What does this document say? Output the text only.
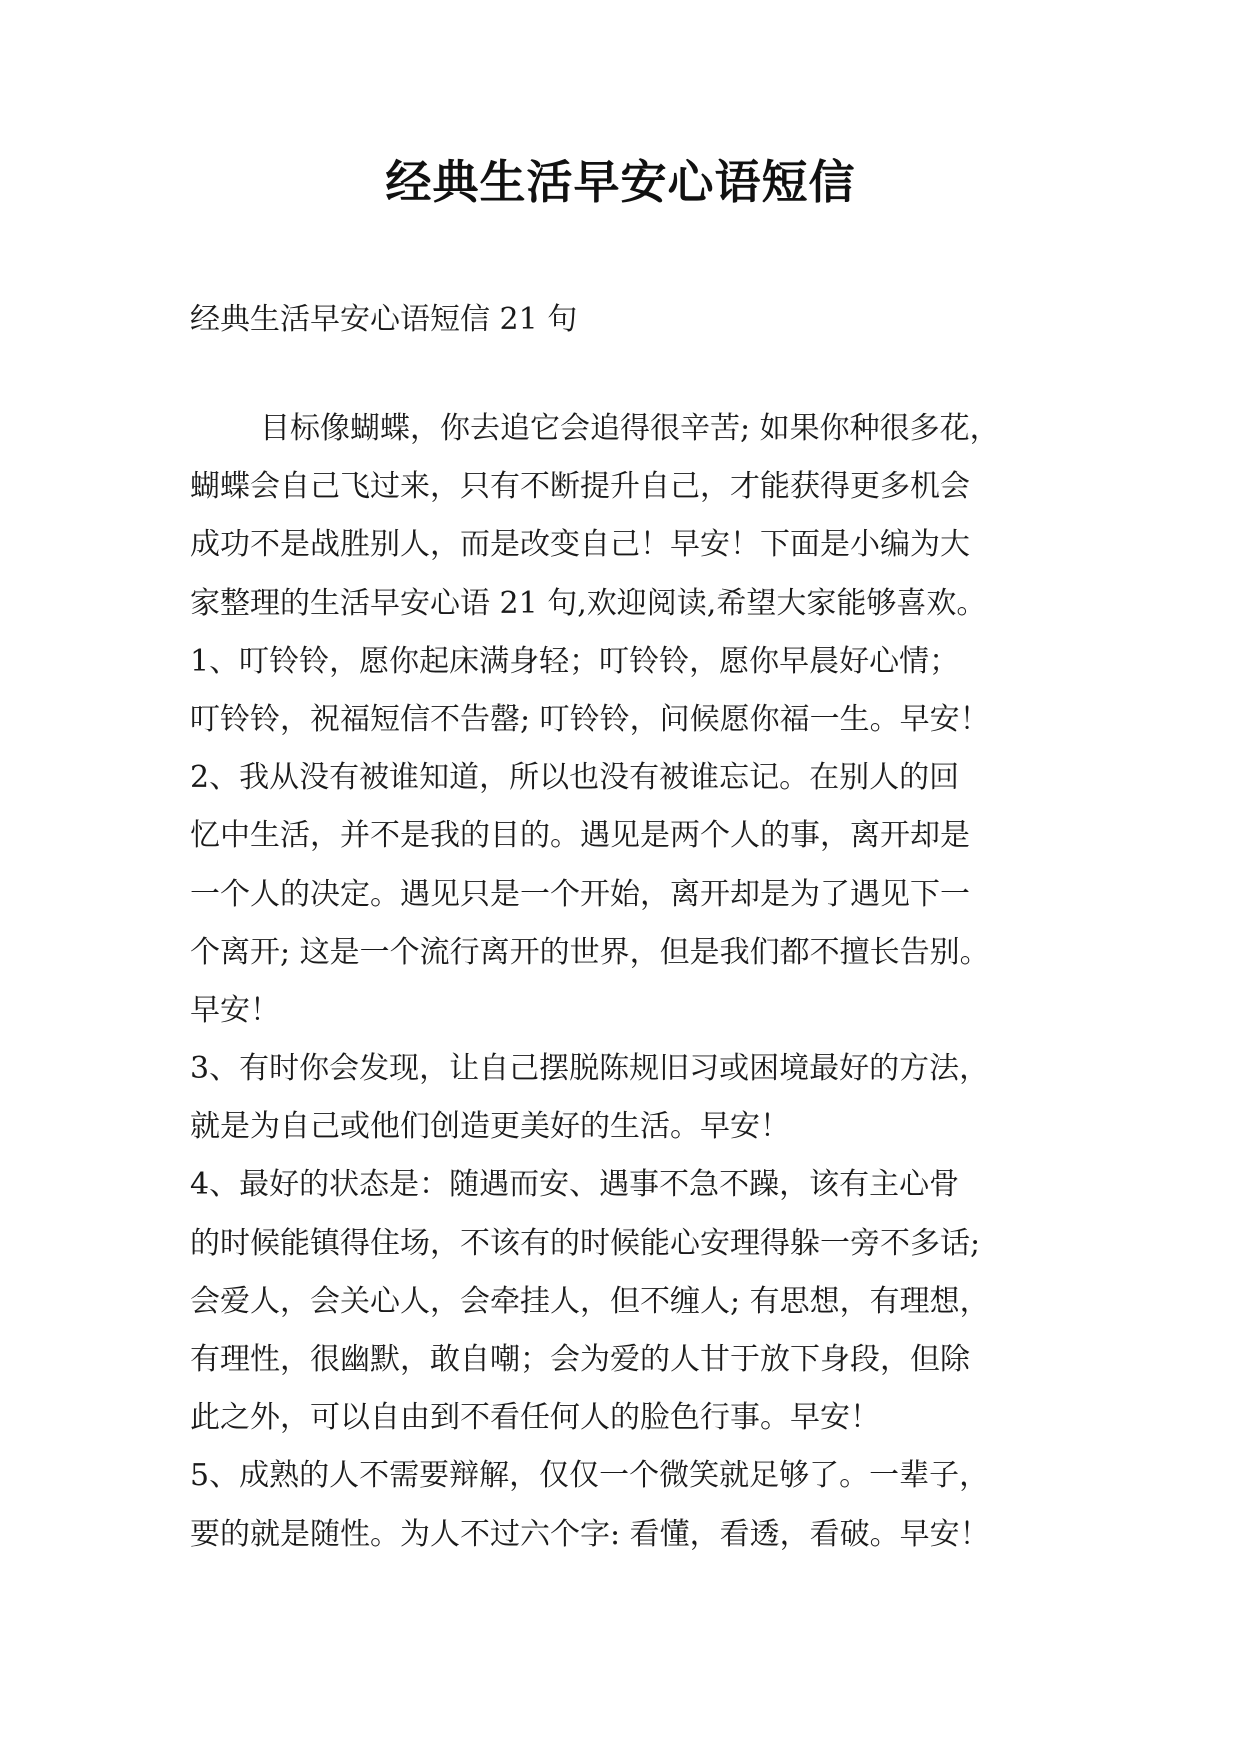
经典生活早安心语短信
经典生活早安心语短信 21 句
目标像蝴蝶，你去追它会追得很辛苦; 如果你种很多花，
蝴蝶会自己飞过来，只有不断提升自己，才能获得更多机会
成功不是战胜别人，而是改变自己！早安！下面是小编为大
家整理的生活早安心语 21 句,欢迎阅读,希望大家能够喜欢。
1、叮铃铃，愿你起床满身轻；叮铃铃，愿你早晨好心情；
叮铃铃，祝福短信不告罄; 叮铃铃，问候愿你福一生。早安！
2、我从没有被谁知道，所以也没有被谁忘记。在别人的回
忆中生活，并不是我的目的。遇见是两个人的事，离开却是
一个人的决定。遇见只是一个开始，离开却是为了遇见下一
个离开; 这是一个流行离开的世界，但是我们都不擅长告别。
早安！
3、有时你会发现，让自己摆脱陈规旧习或困境最好的方法，
就是为自己或他们创造更美好的生活。早安！
4、最好的状态是：随遇而安、遇事不急不躁，该有主心骨
的时候能镇得住场，不该有的时候能心安理得躲一旁不多话;
会爱人，会关心人，会牵挂人，但不缠人; 有思想，有理想，
有理性，很幽默，敢自嘲；会为爱的人甘于放下身段，但除
此之外，可以自由到不看任何人的脸色行事。早安！
5、成熟的人不需要辩解，仅仅一个微笑就足够了。一辈子，
要的就是随性。为人不过六个字: 看懂，看透，看破。早安！
